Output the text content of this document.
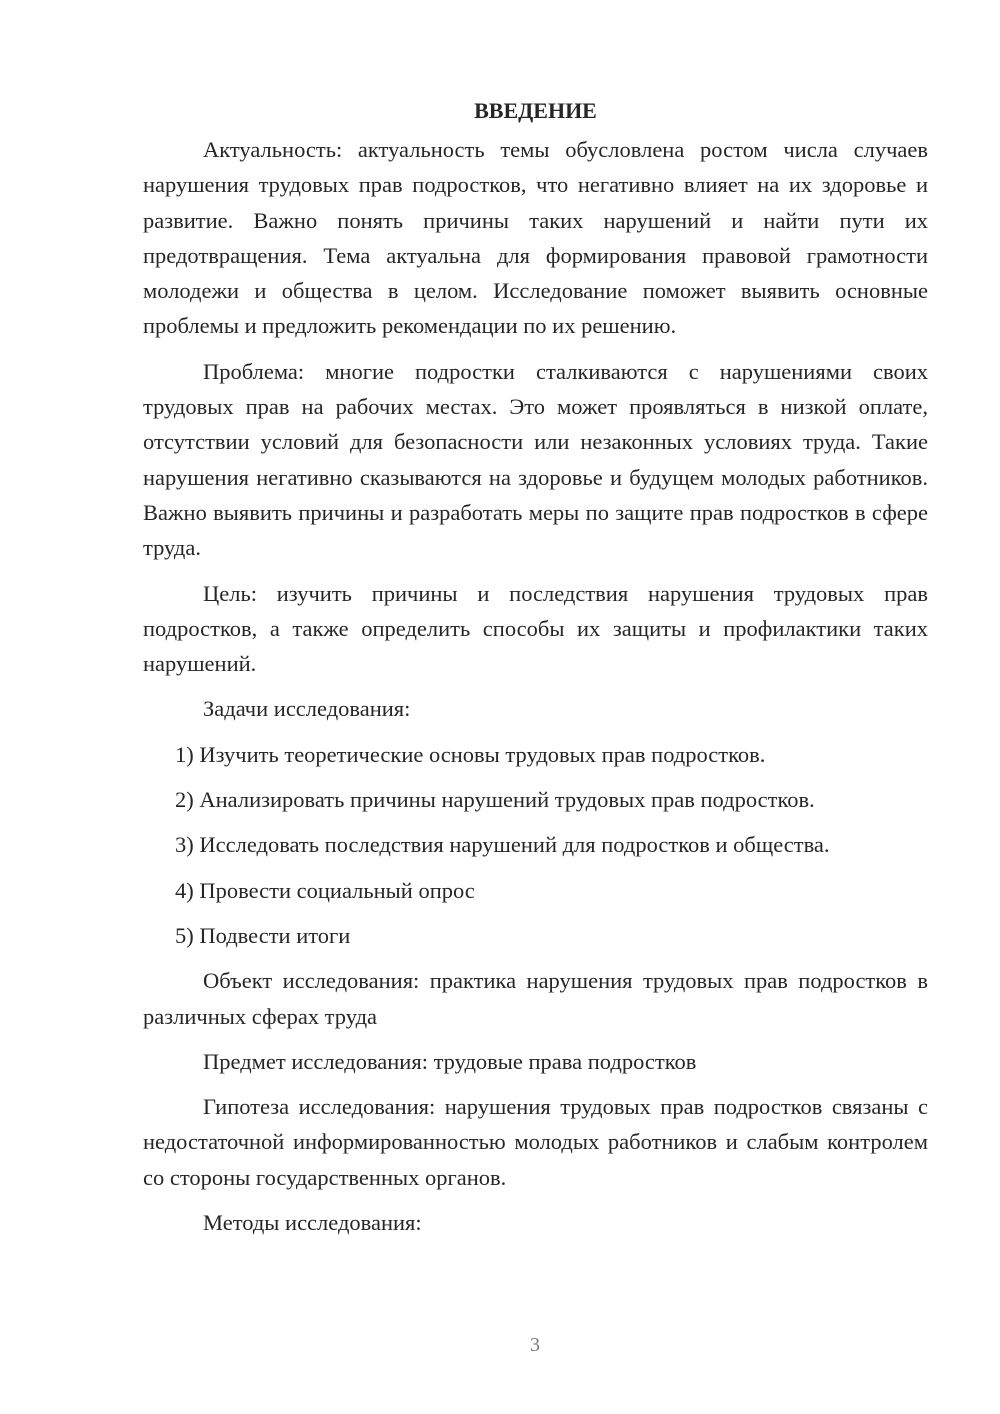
ВВЕДЕНИЕ

Актуальность: актуальность темы обусловлена ростом числа случаев нарушения трудовых прав подростков, что негативно влияет на их здоровье и развитие. Важно понять причины таких нарушений и найти пути их предотвращения. Тема актуальна для формирования правовой грамотности молодежи и общества в целом. Исследование поможет выявить основные проблемы и предложить рекомендации по их решению.

Проблема: многие подростки сталкиваются с нарушениями своих трудовых прав на рабочих местах. Это может проявляться в низкой оплате, отсутствии условий для безопасности или незаконных условиях труда. Такие нарушения негативно сказываются на здоровье и будущем молодых работников. Важно выявить причины и разработать меры по защите прав подростков в сфере труда.

Цель: изучить причины и последствия нарушения трудовых прав подростков, а также определить способы их защиты и профилактики таких нарушений.

Задачи исследования:

1) Изучить теоретические основы трудовых прав подростков.
2) Анализировать причины нарушений трудовых прав подростков.
3) Исследовать последствия нарушений для подростков и общества.
4) Провести социальный опрос
5) Подвести итоги

Объект исследования: практика нарушения трудовых прав подростков в различных сферах труда

Предмет исследования: трудовые права подростков

Гипотеза исследования: нарушения трудовых прав подростков связаны с недостаточной информированностью молодых работников и слабым контролем со стороны государственных органов.

Методы исследования:

3
